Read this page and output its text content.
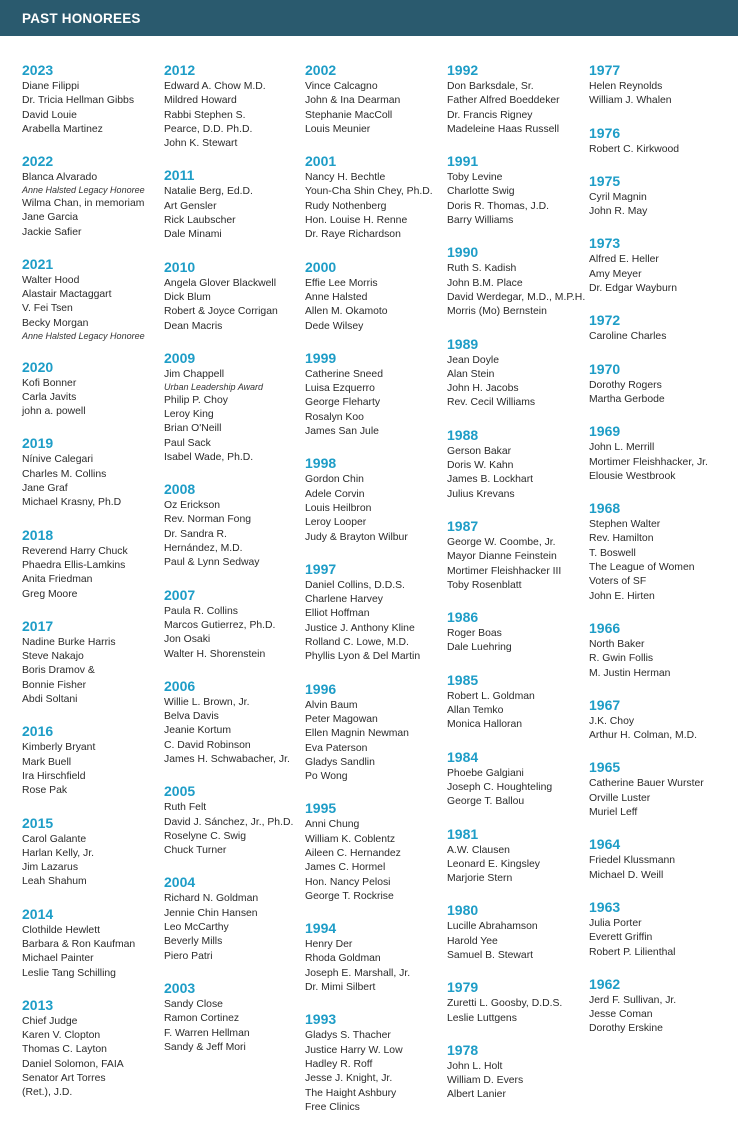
PAST HONOREES
2023
Diane Filippi
Dr. Tricia Hellman Gibbs
David Louie
Arabella Martinez
2022
Blanca Alvarado
Anne Halsted Legacy Honoree
Wilma Chan, in memoriam
Jane Garcia
Jackie Safier
2021
Walter Hood
Alastair Mactaggart
V. Fei Tsen
Becky Morgan
Anne Halsted Legacy Honoree
2020
Kofi Bonner
Carla Javits
john a. powell
2019
Nínive Calegari
Charles M. Collins
Jane Graf
Michael Krasny, Ph.D
2018
Reverend Harry Chuck
Phaedra Ellis-Lamkins
Anita Friedman
Greg Moore
2017
Nadine Burke Harris
Steve Nakajo
Boris Dramov &
Bonnie Fisher
Abdi Soltani
2016
Kimberly Bryant
Mark Buell
Ira Hirschfield
Rose Pak
2015
Carol Galante
Harlan Kelly, Jr.
Jim Lazarus
Leah Shahum
2014
Clothilde Hewlett
Barbara & Ron Kaufman
Michael Painter
Leslie Tang Schilling
2013
Chief Judge
Karen V. Clopton
Thomas C. Layton
Daniel Solomon, FAIA
Senator Art Torres
(Ret.), J.D.
2012
Edward A. Chow M.D.
Mildred Howard
Rabbi Stephen S.
Pearce, D.D. Ph.D.
John K. Stewart
2011
Natalie Berg, Ed.D.
Art Gensler
Rick Laubscher
Dale Minami
2010
Angela Glover Blackwell
Dick Blum
Robert & Joyce Corrigan
Dean Macris
2009
Jim Chappell
Urban Leadership Award
Philip P. Choy
Leroy King
Brian O'Neill
Paul Sack
Isabel Wade, Ph.D.
2008
Oz Erickson
Rev. Norman Fong
Dr. Sandra R.
Hernández, M.D.
Paul & Lynn Sedway
2007
Paula R. Collins
Marcos Gutierrez, Ph.D.
Jon Osaki
Walter H. Shorenstein
2006
Willie L. Brown, Jr.
Belva Davis
Jeanie Kortum
C. David Robinson
James H. Schwabacher, Jr.
2005
Ruth Felt
David J. Sánchez, Jr., Ph.D.
Roselyne C. Swig
Chuck Turner
2004
Richard N. Goldman
Jennie Chin Hansen
Leo McCarthy
Beverly Mills
Piero Patri
2003
Sandy Close
Ramon Cortinez
F. Warren Hellman
Sandy & Jeff Mori
2002
Vince Calcagno
John & Ina Dearman
Stephanie MacColl
Louis Meunier
2001
Nancy H. Bechtle
Youn-Cha Shin Chey, Ph.D.
Rudy Nothenberg
Hon. Louise H. Renne
Dr. Raye Richardson
2000
Effie Lee Morris
Anne Halsted
Allen M. Okamoto
Dede Wilsey
1999
Catherine Sneed
Luisa Ezquerro
George Fleharty
Rosalyn Koo
James San Jule
1998
Gordon Chin
Adele Corvin
Louis Heilbron
Leroy Looper
Judy & Brayton Wilbur
1997
Daniel Collins, D.D.S.
Charlene Harvey
Elliot Hoffman
Justice J. Anthony Kline
Rolland C. Lowe, M.D.
Phyllis Lyon & Del Martin
1996
Alvin Baum
Peter Magowan
Ellen Magnin Newman
Eva Paterson
Gladys Sandlin
Po Wong
1995
Anni Chung
William K. Coblentz
Aileen C. Hernandez
James C. Hormel
Hon. Nancy Pelosi
George T. Rockrise
1994
Henry Der
Rhoda Goldman
Joseph E. Marshall, Jr.
Dr. Mimi Silbert
1993
Gladys S. Thacher
Justice Harry W. Low
Hadley R. Roff
Jesse J. Knight, Jr.
The Haight Ashbury
Free Clinics
1992
Don Barksdale, Sr.
Father Alfred Boeddeker
Dr. Francis Rigney
Madeleine Haas Russell
1991
Toby Levine
Charlotte Swig
Doris R. Thomas, J.D.
Barry Williams
1990
Ruth S. Kadish
John B.M. Place
David Werdegar, M.D., M.P.H.
Morris (Mo) Bernstein
1989
Jean Doyle
Alan Stein
John H. Jacobs
Rev. Cecil Williams
1988
Gerson Bakar
Doris W. Kahn
James B. Lockhart
Julius Krevans
1987
George W. Coombe, Jr.
Mayor Dianne Feinstein
Mortimer Fleishhacker III
Toby Rosenblatt
1986
Roger Boas
Dale Luehring
1985
Robert L. Goldman
Allan Temko
Monica Halloran
1984
Phoebe Galgiani
Joseph C. Houghteling
George T. Ballou
1981
A.W. Clausen
Leonard E. Kingsley
Marjorie Stern
1980
Lucille Abrahamson
Harold Yee
Samuel B. Stewart
1979
Zuretti L. Goosby, D.D.S.
Leslie Luttgens
1978
John L. Holt
William D. Evers
Albert Lanier
1977
Helen Reynolds
William J. Whalen
1976
Robert C. Kirkwood
1975
Cyril Magnin
John R. May
1973
Alfred E. Heller
Amy Meyer
Dr. Edgar Wayburn
1972
Caroline Charles
1970
Dorothy Rogers
Martha Gerbode
1969
John L. Merrill
Mortimer Fleishhacker, Jr.
Elousie Westbrook
1968
Stephen Walter
Rev. Hamilton
T. Boswell
The League of Women
Voters of SF
John E. Hirten
1966
North Baker
R. Gwin Follis
M. Justin Herman
1967
J.K. Choy
Arthur H. Colman, M.D.
1965
Catherine Bauer Wurster
Orville Luster
Muriel Leff
1964
Friedel Klussmann
Michael D. Weill
1963
Julia Porter
Everett Griffin
Robert P. Lilienthal
1962
Jerd F. Sullivan, Jr.
Jesse Coman
Dorothy Erskine
